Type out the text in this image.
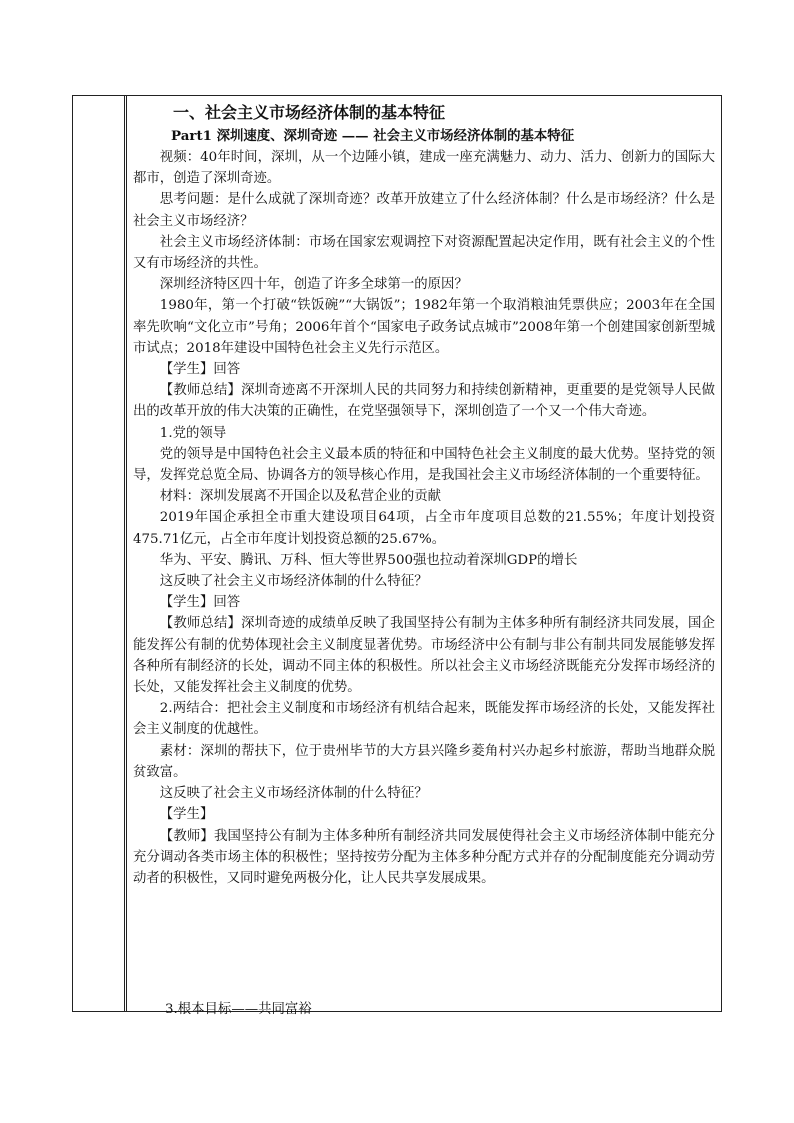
一、社会主义市场经济体制的基本特征

Part1 深圳速度、深圳奇迹 —— 社会主义市场经济体制的基本特征

视频：40年时间，深圳，从一个边陲小镇，建成一座充满魅力、动力、活力、创新力的国际大都市，创造了深圳奇迹。

思考问题：是什么成就了深圳奇迹？改革开放建立了什么经济体制？什么是市场经济？什么是社会主义市场经济？

社会主义市场经济体制：市场在国家宏观调控下对资源配置起决定作用，既有社会主义的个性又有市场经济的共性。

深圳经济特区四十年，创造了许多全球第一的原因？

1980年，第一个打破“铁饭碗”“大锅饭”；1982年第一个取消粮油凭票供应；2003年在全国率先吹响“文化立市”号角；2006年首个“国家电子政务试点城市”2008年第一个创建国家创新型城市试点；2018年建设中国特色社会主义先行示范区。

【学生】回答

【教师总结】深圳奇迹离不开深圳人民的共同努力和持续创新精神，更重要的是党领导人民做出的改革开放的伟大决策的正确性，在党坚强领导下，深圳创造了一个又一个伟大奇迹。

1.党的领导

党的领导是中国特色社会主义最本质的特征和中国特色社会主义制度的最大优势。坚持党的领导，发挥党总览全局、协调各方的领导核心作用，是我国社会主义市场经济体制的一个重要特征。

材料：深圳发展离不开国企以及私营企业的贡献

2019年国企承担全市重大建设项目64项，占全市年度项目总数的21.55%；年度计划投资475.71亿元，占全市年度计划投资总额的25.67%。

华为、平安、腾讯、万科、恒大等世界500强也拉动着深圳GDP的增长

这反映了社会主义市场经济体制的什么特征？

【学生】回答

【教师总结】深圳奇迹的成绩单反映了我国坚持公有制为主体多种所有制经济共同发展，国企能发挥公有制的优势体现社会主义制度显著优势。市场经济中公有制与非公有制共同发展能够发挥各种所有制经济的长处，调动不同主体的积极性。所以社会主义市场经济既能充分发挥市场经济的长处，又能发挥社会主义制度的优势。

2.两结合：把社会主义制度和市场经济有机结合起来，既能发挥市场经济的长处，又能发挥社会主义制度的优越性。

素材：深圳的帮扶下，位于贵州毕节的大方县兴隆乡菱角村兴办起乡村旅游，帮助当地群众脱贫致富。

这反映了社会主义市场经济体制的什么特征？

【学生】

【教师】我国坚持公有制为主体多种所有制经济共同发展使得社会主义市场经济体制中能充分充分调动各类市场主体的积极性；坚持按劳分配为主体多种分配方式并存的分配制度能充分调动劳动者的积极性，又同时避免两极分化，让人民共享发展成果。

3.根本目标——共同富裕
